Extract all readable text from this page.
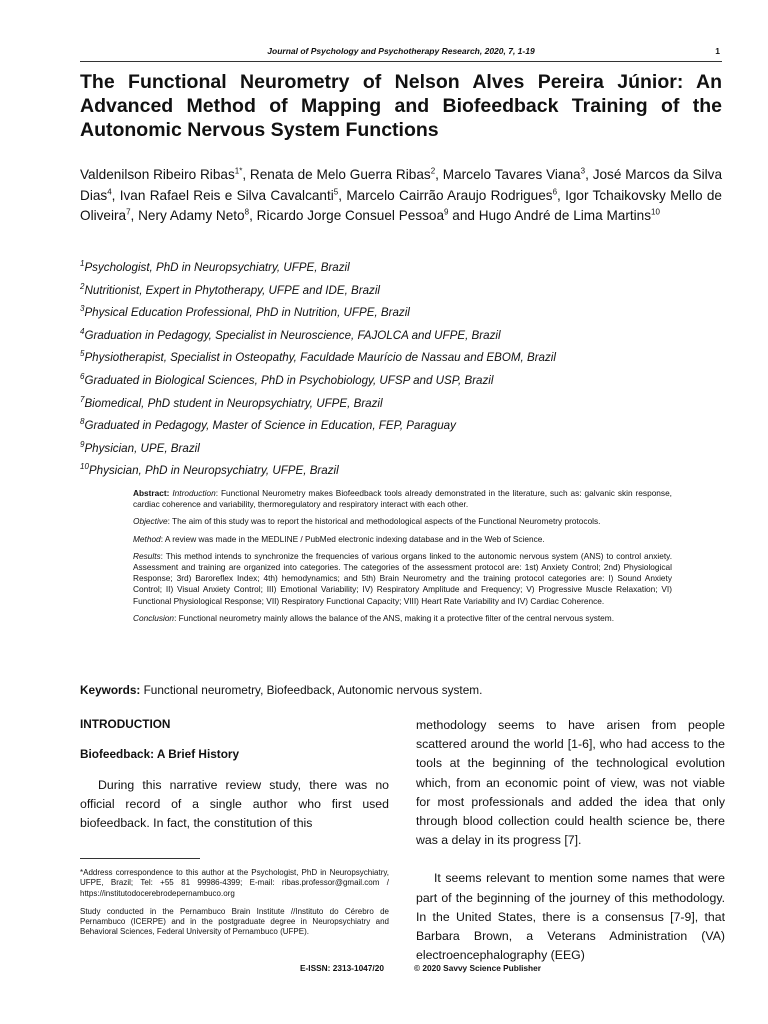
Journal of Psychology and Psychotherapy Research, 2020, 7, 1-19	1
The Functional Neurometry of Nelson Alves Pereira Júnior: An Advanced Method of Mapping and Biofeedback Training of the Autonomic Nervous System Functions
Valdenilson Ribeiro Ribas$^{1*}$, Renata de Melo Guerra Ribas$^2$, Marcelo Tavares Viana$^3$, José Marcos da Silva Dias$^4$, Ivan Rafael Reis e Silva Cavalcanti$^5$, Marcelo Cairrão Araujo Rodrigues$^6$, Igor Tchaikovsky Mello de Oliveira$^7$, Nery Adamy Neto$^8$, Ricardo Jorge Consuel Pessoa$^9$ and Hugo André de Lima Martins$^{10}$
$^1$Psychologist, PhD in Neuropsychiatry, UFPE, Brazil
$^2$Nutritionist, Expert in Phytotherapy, UFPE and IDE, Brazil
$^3$Physical Education Professional, PhD in Nutrition, UFPE, Brazil
$^4$Graduation in Pedagogy, Specialist in Neuroscience, FAJOLCA and UFPE, Brazil
$^5$Physiotherapist, Specialist in Osteopathy, Faculdade Maurício de Nassau and EBOM, Brazil
$^6$Graduated in Biological Sciences, PhD in Psychobiology, UFSP and USP, Brazil
$^7$Biomedical, PhD student in Neuropsychiatry, UFPE, Brazil
$^8$Graduated in Pedagogy, Master of Science in Education, FEP, Paraguay
$^9$Physician, UPE, Brazil
$^{10}$Physician, PhD in Neuropsychiatry, UFPE, Brazil

Abstract: Introduction: Functional Neurometry makes Biofeedback tools already demonstrated in the literature, such as: galvanic skin response, cardiac coherence and variability, thermoregulatory and respiratory interact with each other.

Objective: The aim of this study was to report the historical and methodological aspects of the Functional Neurometry protocols.

Method: A review was made in the MEDLINE / PubMed electronic indexing database and in the Web of Science.

Results: This method intends to synchronize the frequencies of various organs linked to the autonomic nervous system (ANS) to control anxiety. Assessment and training are organized into categories. The categories of the assessment protocol are: 1st) Anxiety Control; 2nd) Physiological Response; 3rd) Baroreflex Index; 4th) hemodynamics; and 5th) Brain Neurometry and the training protocol categories are: I) Sound Anxiety Control; II) Visual Anxiety Control; III) Emotional Variability; IV) Respiratory Amplitude and Frequency; V) Progressive Muscle Relaxation; VI) Functional Physiological Response; VII) Respiratory Functional Capacity; VIII) Heart Rate Variability and IV) Cardiac Coherence.

Conclusion: Functional neurometry mainly allows the balance of the ANS, making it a protective filter of the central nervous system.

Keywords: Functional neurometry, Biofeedback, Autonomic nervous system.

INTRODUCTION

Biofeedback: A Brief History

During this narrative review study, there was no official record of a single author who first used biofeedback. In fact, the constitution of this

methodology seems to have arisen from people scattered around the world [1-6], who had access to the tools at the beginning of the technological evolution which, from an economic point of view, was not viable for most professionals and added the idea that only through blood collection could health science be, there was a delay in its progress [7].

It seems relevant to mention some names that were part of the beginning of the journey of this methodology. In the United States, there is a consensus [7-9], that Barbara Brown, a Veterans Administration (VA) electroencephalography (EEG)

*Address correspondence to this author at the Psychologist, PhD in Neuropsychiatry, UFPE, Brazil; Tel: +55 81 99986-4399; E-mail: ribas.professor@gmail.com / https://institutodocerebrodepernambuco.org

Study conducted in the Pernambuco Brain Institute //Instituto do Cérebro de Pernambuco (ICERPE) and in the postgraduate degree in Neuropsychiatry and Behavioral Sciences, Federal University of Pernambuco (UFPE).

E-ISSN: 2313-1047/20	© 2020 Savvy Science Publisher
